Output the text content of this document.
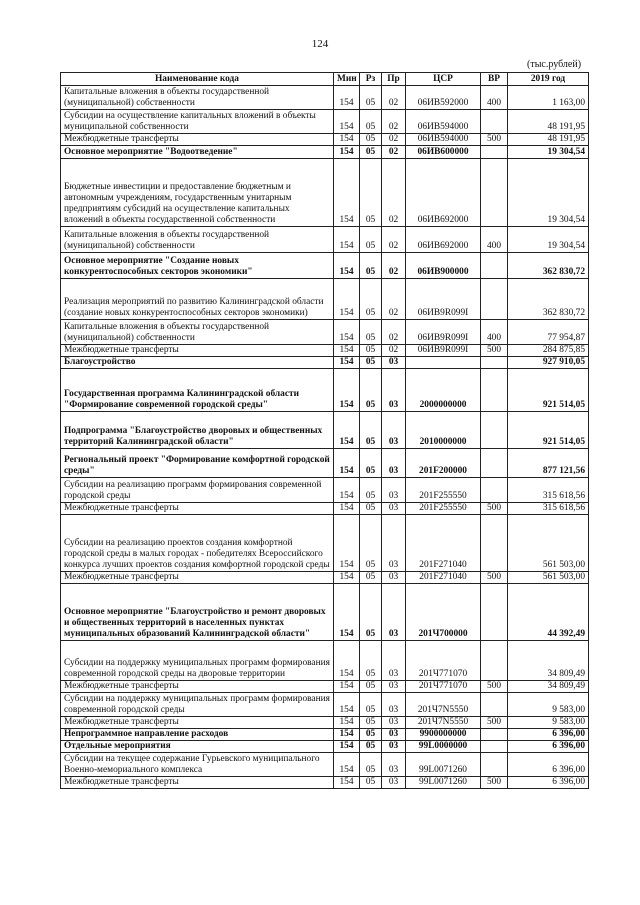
124
(тыс.рублей)
Наименование кода	Мин	Рз	Пр	ЦСР	ВР	2019 год
Капитальные вложения в объекты государственной (муниципальной) собственности	154	05	02	06ИВ592000	400	1 163,00
Субсидии на осуществление капитальных вложений в объекты муниципальной собственности	154	05	02	06ИВ594000		48 191,95
Межбюджетные трансферты	154	05	02	06ИВ594000	500	48 191,95
Основное мероприятие "Водоотведение"	154	05	02	06ИВ600000		19 304,54
Бюджетные инвестиции и предоставление бюджетным и автономным учреждениям, государственным унитарным предприятиям субсидий на осуществление капитальных вложений в объекты государственной собственности	154	05	02	06ИВ692000		19 304,54
Капитальные вложения в объекты государственной (муниципальной) собственности	154	05	02	06ИВ692000	400	19 304,54
Основное мероприятие "Создание новых конкурентоспособных секторов экономики"	154	05	02	06ИВ900000		362 830,72
Реализация мероприятий по развитию Калининградской области (создание новых конкурентоспособных секторов экономики)	154	05	02	06ИВ9R099I		362 830,72
Капитальные вложения в объекты государственной (муниципальной) собственности	154	05	02	06ИВ9R099I	400	77 954,87
Межбюджетные трансферты	154	05	02	06ИВ9R099I	500	284 875,85
Благоустройство	154	05	03			927 910,05
Государственная программа Калининградской области "Формирование современной городской среды"	154	05	03	2000000000		921 514,05
Подпрограмма "Благоустройство дворовых и общественных территорий Калининградской области"	154	05	03	2010000000		921 514,05
Региональный проект "Формирование комфортной городской среды"	154	05	03	201F200000		877 121,56
Субсидии на реализацию программ формирования современной городской среды	154	05	03	201F255550		315 618,56
Межбюджетные трансферты	154	05	03	201F255550	500	315 618,56
Субсидии на реализацию проектов создания комфортной городской среды в малых городах - победителях Всероссийского конкурса лучших проектов создания комфортной городской среды	154	05	03	201F271040		561 503,00
Межбюджетные трансферты	154	05	03	201F271040	500	561 503,00
Основное мероприятие "Благоустройство и ремонт дворовых и общественных территорий в населенных пунктах муниципальных образований Калининградской области"	154	05	03	201Ч700000		44 392,49
Субсидии на поддержку муниципальных программ формирования современной городской среды на дворовые территории	154	05	03	201Ч771070		34 809,49
Межбюджетные трансферты	154	05	03	201Ч771070	500	34 809,49
Субсидии на поддержку муниципальных программ формирования современной городской среды	154	05	03	201Ч7N5550		9 583,00
Межбюджетные трансферты	154	05	03	201Ч7N5550	500	9 583,00
Непрограммное направление расходов	154	05	03	9900000000		6 396,00
Отдельные мероприятия	154	05	03	99L0000000		6 396,00
Субсидии на текущее содержание Гурьевского муниципального Военно-мемориального комплекса	154	05	03	99L0071260		6 396,00
Межбюджетные трансферты	154	05	03	99L0071260	500	6 396,00
